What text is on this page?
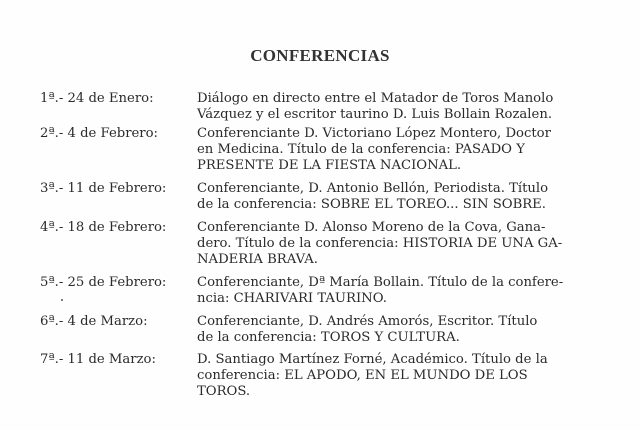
CONFERENCIAS
1ª.- 24 de Enero:	Diálogo en directo entre el Matador de Toros Manolo
Vázquez y el escritor taurino D. Luis Bollain Rozalen.
2ª.- 4 de Febrero:	Conferenciante D. Victoriano López Montero, Doctor
en Medicina. Título de la conferencia: PASADO Y
PRESENTE DE LA FIESTA NACIONAL.
3ª.- 11 de Febrero:	Conferenciante, D. Antonio Bellón, Periodista. Título
de la conferencia: SOBRE EL TOREO... SIN SOBRE.
4ª.- 18 de Febrero:	Conferenciante D. Alonso Moreno de la Cova, Gana-
dero. Título de la conferencia: HISTORIA DE UNA GA-
NADERIA BRAVA.
5ª.- 25 de Febrero:	Conferenciante, Dª María Bollain. Título de la confere-
ncia: CHARIVARI TAURINO.
6ª.- 4 de Marzo:	Conferenciante, D. Andrés Amorós, Escritor. Título
de la conferencia: TOROS Y CULTURA.
7ª.- 11 de Marzo:	D. Santiago Martínez Forné, Académico. Título de la
conferencia: EL APODO, EN EL MUNDO DE LOS
TOROS.
